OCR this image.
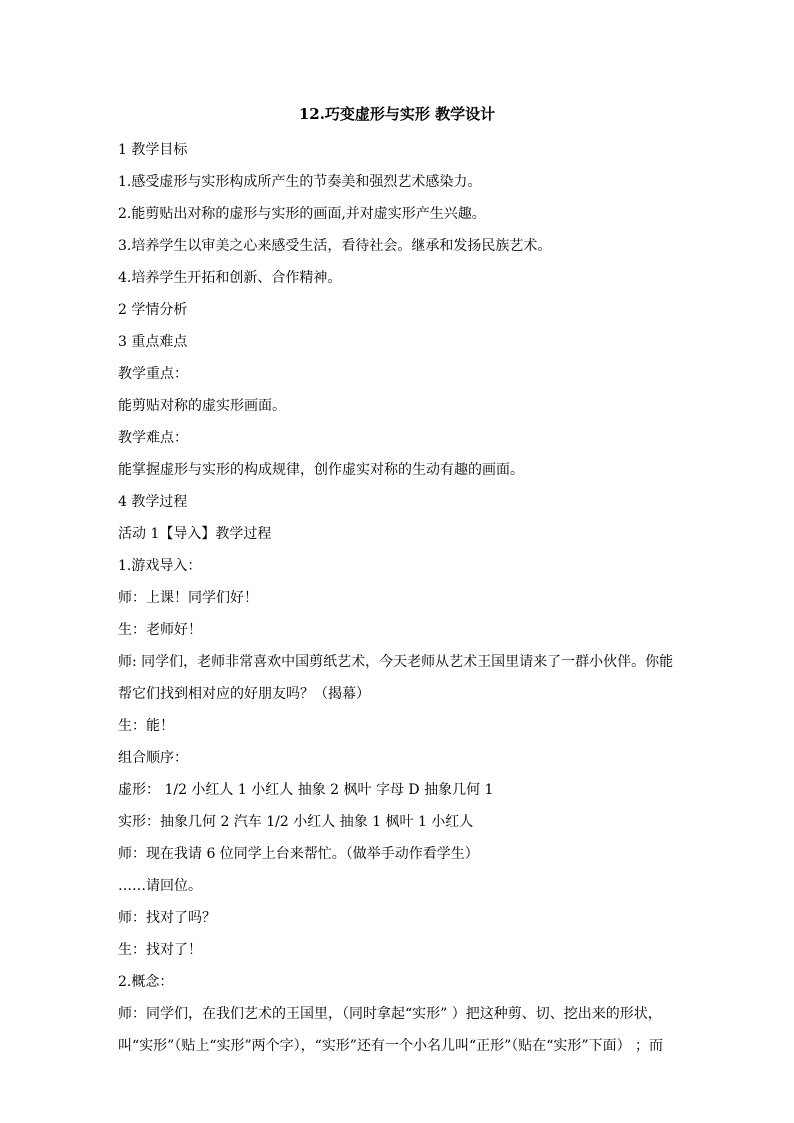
12.巧变虚形与实形 教学设计
1 教学目标
1.感受虚形与实形构成所产生的节奏美和强烈艺术感染力。
2.能剪贴出对称的虚形与实形的画面,并对虚实形产生兴趣。
3.培养学生以审美之心来感受生活，看待社会。继承和发扬民族艺术。
4.培养学生开拓和创新、合作精神。
2 学情分析
3 重点难点
教学重点：
能剪贴对称的虚实形画面。
教学难点：
能掌握虚形与实形的构成规律，创作虚实对称的生动有趣的画面。
4 教学过程
活动 1【导入】教学过程
1.游戏导入：
师：上课！同学们好！
生：老师好！
师: 同学们，老师非常喜欢中国剪纸艺术，今天老师从艺术王国里请来了一群小伙伴。你能
帮它们找到相对应的好朋友吗？（揭幕）
生：能！
组合顺序：
虚形： 1/2 小红人 1 小红人 抽象 2 枫叶 字母 D 抽象几何 1
实形：抽象几何 2 汽车 1/2 小红人 抽象 1 枫叶 1 小红人
师：现在我请 6 位同学上台来帮忙。（做举手动作看学生）
……请回位。
师：找对了吗？
生：找对了！
2.概念：
师：同学们，在我们艺术的王国里，（同时拿起“实形” ）把这种剪、切、挖出来的形状，
叫“实形”（贴上“实形”两个字），“实形”还有一个小名儿叫“正形”（贴在“实形”下面） ；而
